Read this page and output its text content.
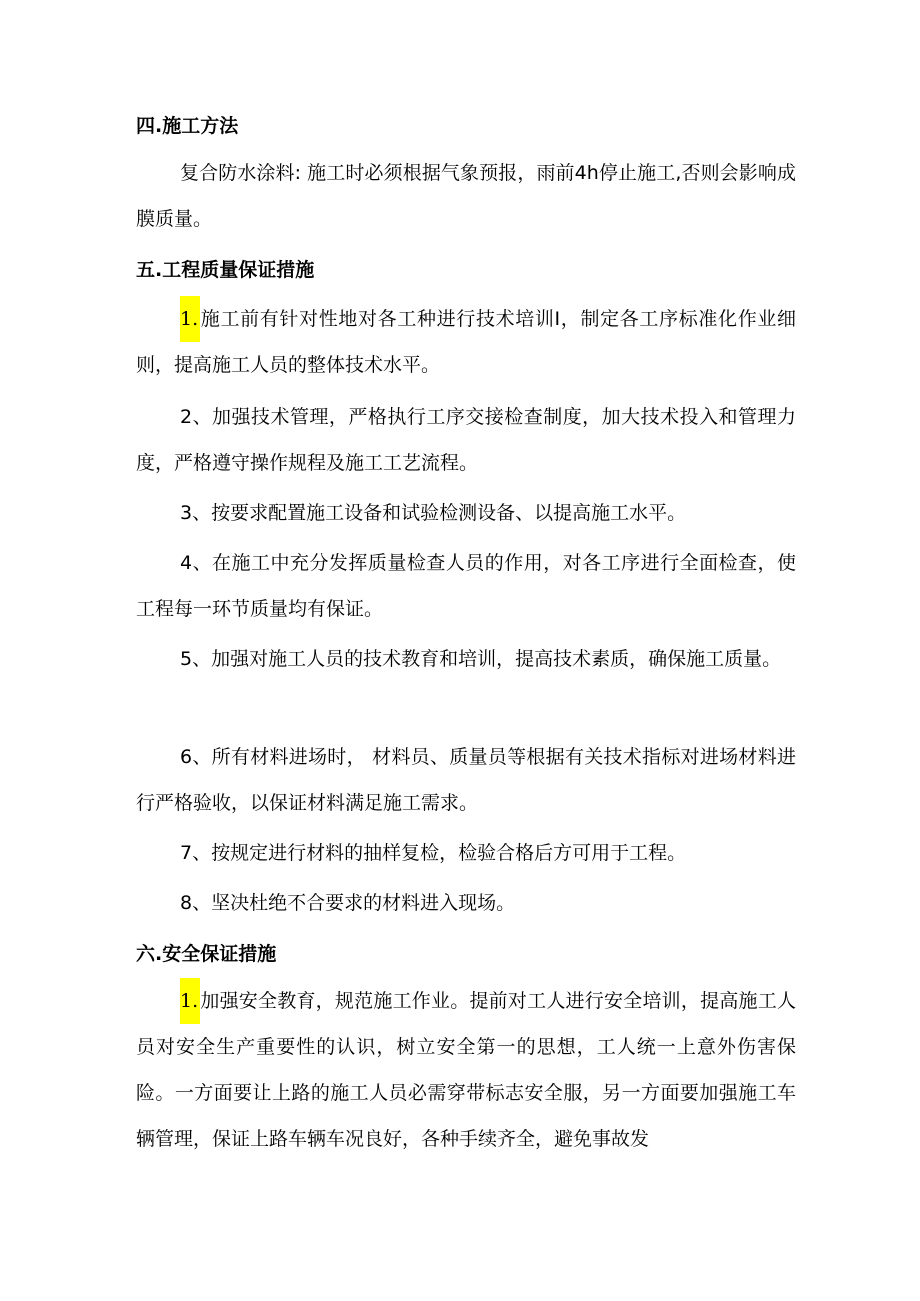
四.施工方法

复合防水涂料: 施工时必须根据气象预报，雨前4h停止施工,否则会影响成膜质量。

五.工程质量保证措施

1. 施工前有针对性地对各工种进行技术培训I，制定各工序标准化作业细则，提高施工人员的整体技术水平。

2、加强技术管理，严格执行工序交接检查制度，加大技术投入和管理力度，严格遵守操作规程及施工工艺流程。

3、按要求配置施工设备和试验检测设备、以提高施工水平。

4、在施工中充分发挥质量检查人员的作用，对各工序进行全面检查，使工程每一环节质量均有保证。

5、加强对施工人员的技术教育和培训，提高技术素质，确保施工质量。

6、所有材料进场时， 材料员、质量员等根据有关技术指标对进场材料进行严格验收，以保证材料满足施工需求。

7、按规定进行材料的抽样复检，检验合格后方可用于工程。

8、坚决杜绝不合要求的材料进入现场。

六.安全保证措施

1. 加强安全教育，规范施工作业。提前对工人进行安全培训，提高施工人员对安全生产重要性的认识，树立安全第一的思想，工人统一上意外伤害保险。一方面要让上路的施工人员必需穿带标志安全服，另一方面要加强施工车辆管理，保证上路车辆车况良好，各种手续齐全，避免事故发
